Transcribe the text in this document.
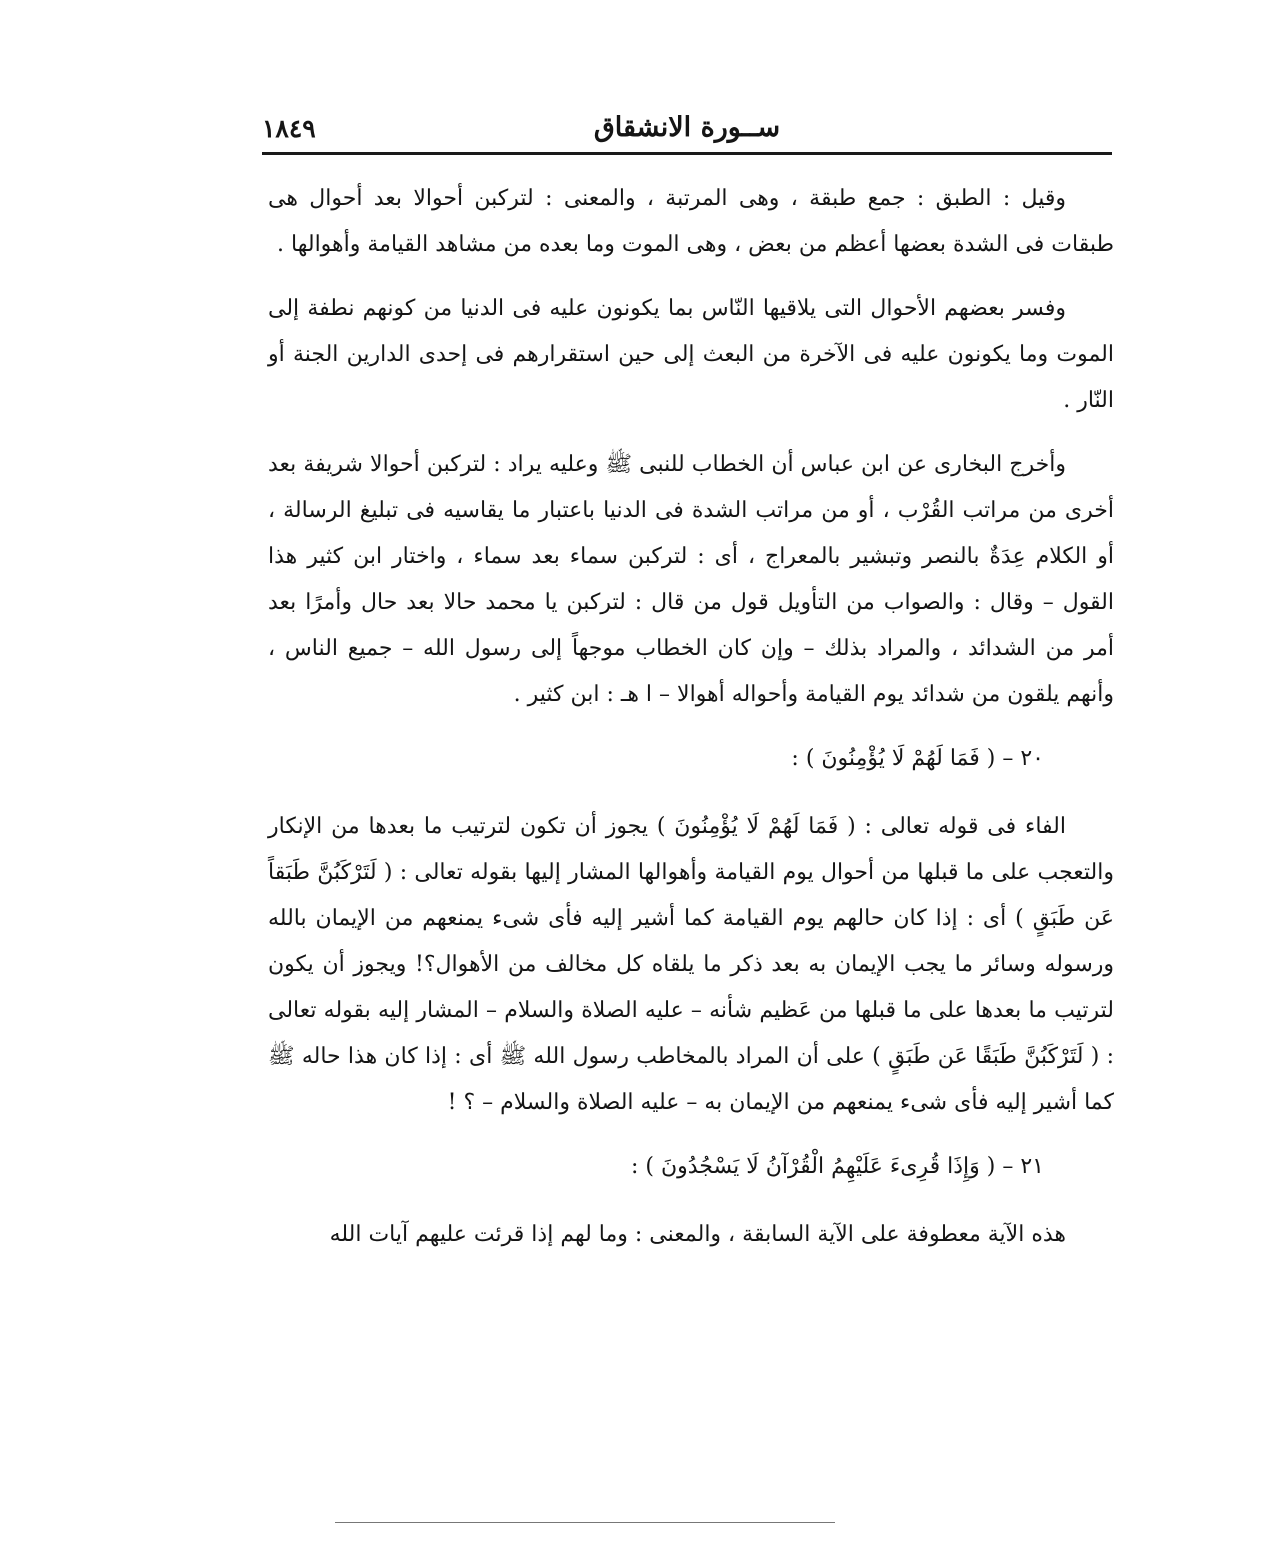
ســورة الانشقاق
١٨٤٩

وقيل : الطبق : جمع طبقة ، وهى المرتبة ، والمعنى : لتركبن أحوالا بعد أحوال هى طبقات فى الشدة بعضها أعظم من بعض ، وهى الموت وما بعده من مشاهد القيامة وأهوالها .

وفسر بعضهم الأحوال التى يلاقيها النّاس بما يكونون عليه فى الدنيا من كونهم نطفة إلى الموت وما يكونون عليه فى الآخرة من البعث إلى حين استقرارهم فى إحدى الدارين الجنة أو النّار .

وأخرج البخارى عن ابن عباس أن الخطاب للنبى ﷺ وعليه يراد : لتركبن أحوالا شريفة بعد أخرى من مراتب القُرْب ، أو من مراتب الشدة فى الدنيا باعتبار ما يقاسيه فى تبليغ الرسالة ، أو الكلام عِدَةٌ بالنصر وتبشير بالمعراج ، أى : لتركبن سماء بعد سماء ، واختار ابن كثير هذا القول – وقال : والصواب من التأويل قول من قال : لتركبن يا محمد حالا بعد حال وأمرًا بعد أمر من الشدائد ، والمراد بذلك – وإن كان الخطاب موجهاً إلى رسول الله – جميع الناس ، وأنهم يلقون من شدائد يوم القيامة وأحواله أهوالا – ا هـ : ابن كثير .

٢٠ – ( فَمَا لَهُمْ لَا يُؤْمِنُونَ ) :

الفاء فى قوله تعالى : ( فَمَا لَهُمْ لَا يُؤْمِنُونَ ) يجوز أن تكون لترتيب ما بعدها من الإنكار والتعجب على ما قبلها من أحوال يوم القيامة وأهوالها المشار إليها بقوله تعالى : ( لَتَرْكَبُنَّ طَبَقاً عَن طَبَقٍ ) أى : إذا كان حالهم يوم القيامة كما أشير إليه فأى شىء يمنعهم من الإيمان بالله ورسوله وسائر ما يجب الإيمان به بعد ذكر ما يلقاه كل مخالف من الأهوال؟! ويجوز أن يكون لترتيب ما بعدها على ما قبلها من عَظيم شأنه – عليه الصلاة والسلام – المشار إليه بقوله تعالى : ( لَتَرْكَبُنَّ طَبَقًا عَن طَبَقٍ ) على أن المراد بالمخاطب رسول الله ﷺ أى : إذا كان هذا حاله ﷺ كما أشير إليه فأى شىء يمنعهم من الإيمان به – عليه الصلاة والسلام – ؟ !

٢١ – ( وَإِذَا قُرِىءَ عَلَيْهِمُ الْقُرْآنُ لَا يَسْجُدُونَ ) :

هذه الآية معطوفة على الآية السابقة ، والمعنى : وما لهم إذا قرئت عليهم آيات الله
